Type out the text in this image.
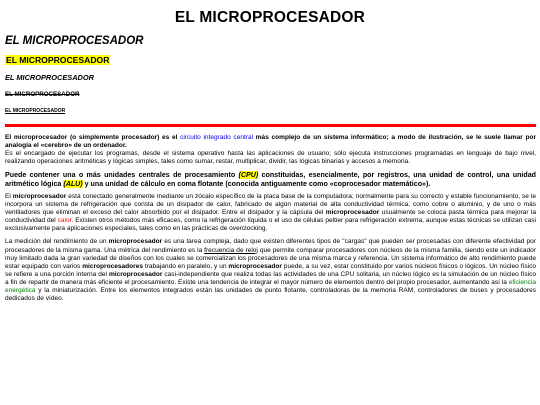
EL MICROPROCESADOR
EL MICROPROCESADOR
EL MICROPROCESADOR
EL MICROPROCESADOR
EL MICROPROCESADOR
EL MICROPROCESADOR

El microprocesador (o simplemente procesador) es el circuito integrado central más complejo de un sistema informático; a modo de ilustración, se le suele llamar por analogía el «cerebro» de un ordenador.
Es el encargado de ejecutar los programas, desde el sistema operativo hasta las aplicaciones de usuario; sólo ejecuta instrucciones programadas en lenguaje de bajo nivel, realizando operaciones aritméticas y lógicas simples, tales como sumar, restar, multiplicar, dividir, las lógicas binarias y accesos a memoria.

Puede contener una o más unidades centrales de procesamiento (CPU) constituidas, esencialmente, por registros, una unidad de control, una unidad aritmético lógica (ALU) y una unidad de cálculo en coma flotante (conocida antiguamente como «coprocesador matemático»).

El microprocesador está conectado generalmente mediante un zócalo específico de la placa base de la computadora; normalmente para su correcto y estable funcionamiento, se le incorpora un sistema de refrigeración que consta de un disipador de calor, fabricado de algún material de alta conductividad térmica, como cobre o aluminio, y de uno o más ventiladores que eliminan el exceso del calor absorbido por el disipador. Entre el disipador y la cápsula del microprocesador usualmente se coloca pasta térmica para mejorar la conductividad del calor. Existen otros métodos más eficaces, como la refrigeración líquida o el uso de células peltier para refrigeración extrema, aunque estas técnicas se utilizan casi exclusivamente para aplicaciones especiales, tales como en las prácticas de overclocking.

La medición del rendimiento de un microprocesador es una tarea compleja, dado que existen diferentes tipos de "cargas" que pueden ser procesadas con diferente efectividad por procesadores de la misma gama. Una métrica del rendimiento es la frecuencia de reloj que permite comparar procesadores con núcleos de la misma familia, siendo este un indicador muy limitado dada la gran variedad de diseños con los cuales se comercializan los procesadores de una misma marca y referencia. Un sistema informático de alto rendimiento puede estar equipado con varios microprocesadores trabajando en paralelo, y un microprocesador puede, a su vez, estar constituido por varios núcleos físicos o lógicos. Un núcleo físico se refiere a una porción interna del microprocesador casi-independiente que realiza todas las actividades de una CPU solitaria, un núcleo lógico es la simulación de un núcleo físico a fin de repartir de manera más eficiente el procesamiento. Existe una tendencia de integrar el mayor número de elementos dentro del propio procesador, aumentando así la eficiencia energética y la miniaturización. Entre los elementos integrados están las unidades de punto flotante, controladoras de la memoria RAM, controladores de buses y procesadores dedicados de vídeo.
